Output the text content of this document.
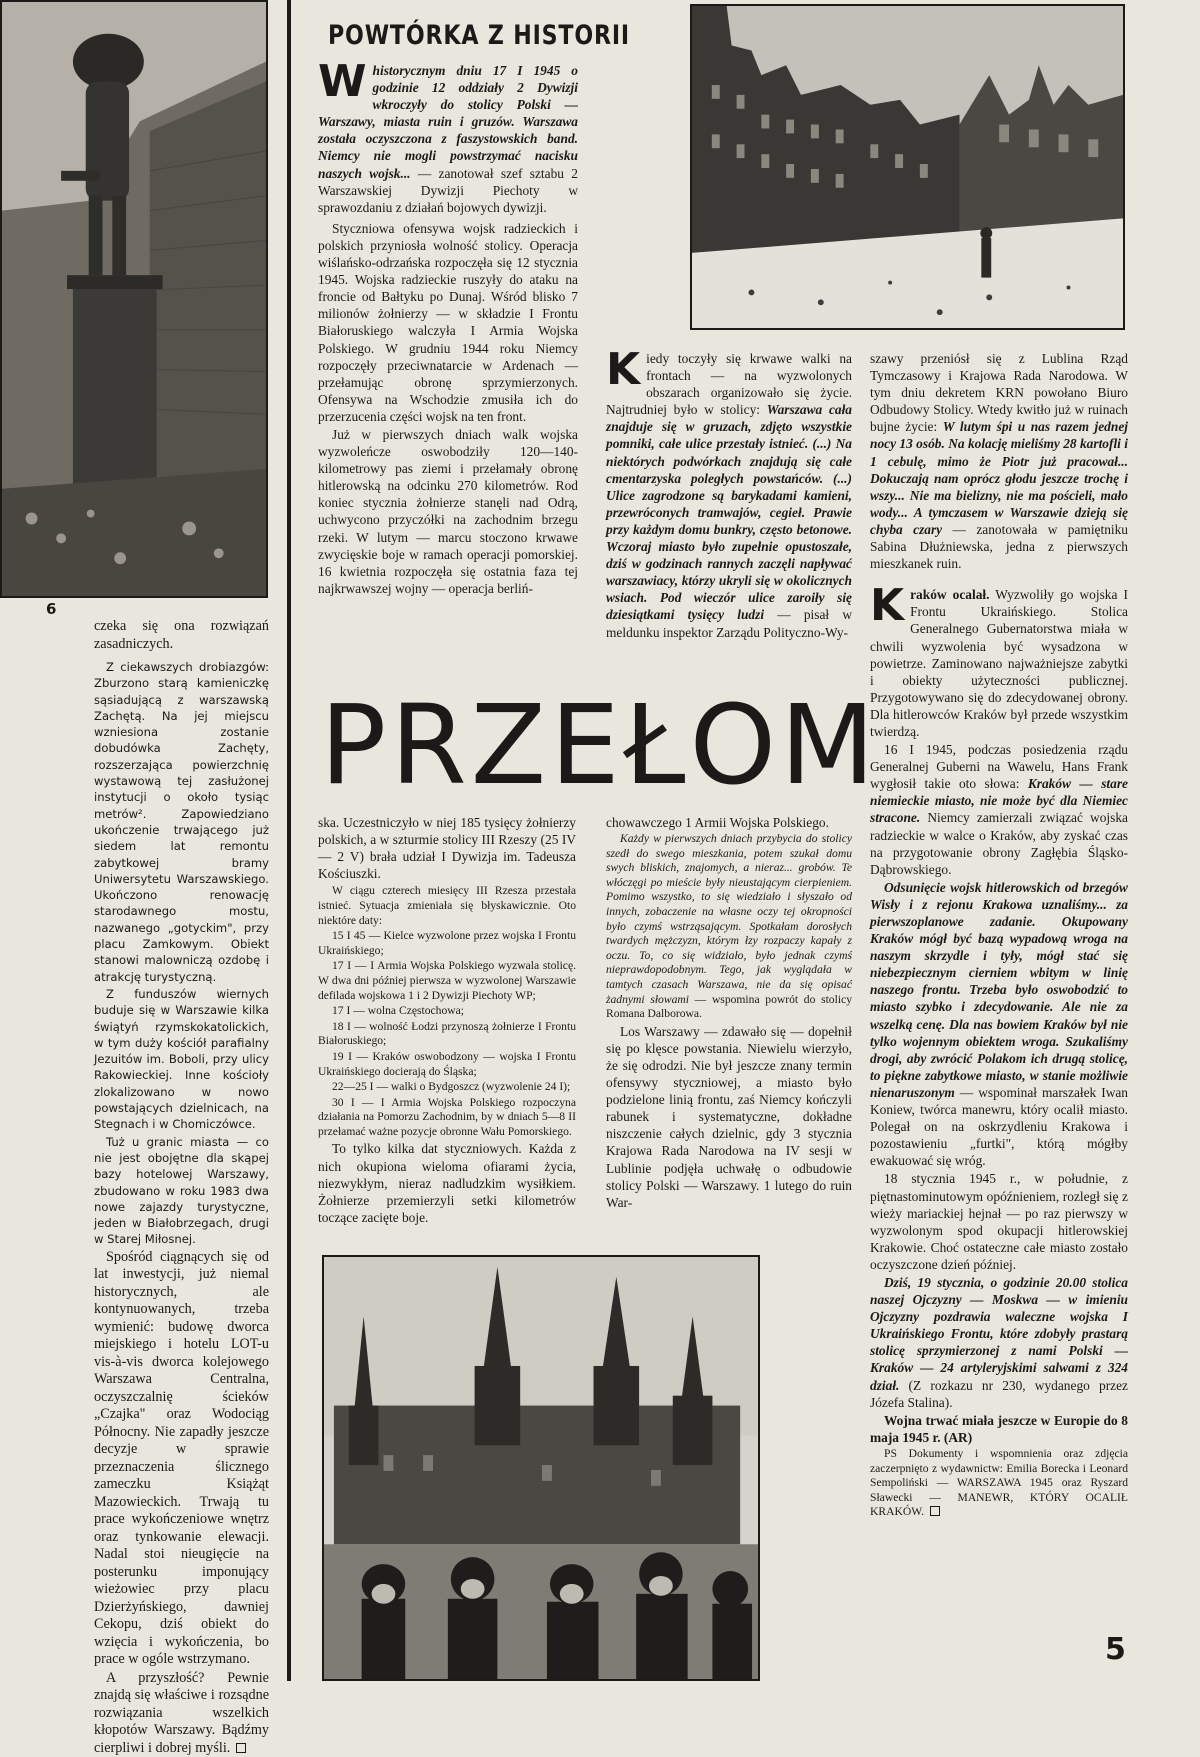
6

czeka się ona rozwiązań zasadniczych.

Z ciekawszych drobiazgów: Zburzono starą kamieniczkę sąsiadującą z warszawską Zachętą. Na jej miejscu wzniesiona zostanie dobudówka Zachęty, rozszerzająca powierzchnię wystawową tej zasłużonej instytucji o około tysiąc metrów². Zapowiedziano ukończenie trwającego już siedem lat remontu zabytkowej bramy Uniwersytetu Warszawskiego. Ukończono renowację starodawnego mostu, nazwanego „gotyckim", przy placu Zamkowym. Obiekt stanowi malowniczą ozdobę i atrakcję turystyczną.

Z funduszów wiernych buduje się w Warszawie kilka świątyń rzymskokatolickich, w tym duży kościół parafialny Jezuitów im. Boboli, przy ulicy Rakowieckiej. Inne kościoły zlokalizowano w nowo powstających dzielnicach, na Stegnach i w Chomiczówce.

Tuż u granic miasta — co nie jest obojętne dla skąpej bazy hotelowej Warszawy, zbudowano w roku 1983 dwa nowe zajazdy turystyczne, jeden w Białobrzegach, drugi w Starej Miłosnej.

Spośród ciągnących się od lat inwestycji, już niemal historycznych, ale kontynuowanych, trzeba wymienić: budowę dworca miejskiego i hotelu LOT-u vis-à-vis dworca kolejowego Warszawa Centralna, oczyszczalnię ścieków „Czajka" oraz Wodociąg Północny. Nie zapadły jeszcze decyzje w sprawie przeznaczenia ślicznego zameczku Książąt Mazowieckich. Trwają tu prace wykończeniowe wnętrz oraz tynkowanie elewacji. Nadal stoi nieugięcie na posterunku imponujący wieżowiec przy placu Dzierżyńskiego, dawniej Cekopu, dziś obiekt do wzięcia i wykończenia, bo prace w ogóle wstrzymano.

A przyszłość? Pewnie znajdą się właściwe i rozsądne rozwiązania wszelkich kłopotów Warszawy. Bądźmy cierpliwi i dobrej myśli.

POWTÓRKA Z HISTORII

Whistorycznym dniu 17 I 1945 o godzinie 12 oddziały 2 Dywizji wkroczyły do stolicy Polski — Warszawy, miasta ruin i gruzów. Warszawa została oczyszczona z faszystowskich band. Niemcy nie mogli powstrzymać nacisku naszych wojsk... — zanotował szef sztabu 2 Warszawskiej Dywizji Piechoty w sprawozdaniu z działań bojowych dywizji.

Styczniowa ofensywa wojsk radzieckich i polskich przyniosła wolność stolicy. Operacja wiślańsko-odrzańska rozpoczęła się 12 stycznia 1945. Wojska radzieckie ruszyły do ataku na froncie od Bałtyku po Dunaj. Wśród blisko 7 milionów żołnierzy — w składzie I Frontu Białoruskiego walczyła I Armia Wojska Polskiego. W grudniu 1944 roku Niemcy rozpoczęły przeciwnatarcie w Ardenach — przełamując obronę sprzymierzonych. Ofensywa na Wschodzie zmusiła ich do przerzucenia części wojsk na ten front.

Już w pierwszych dniach walk wojska wyzwoleńcze oswobodziły 120—140-kilometrowy pas ziemi i przełamały obronę hitlerowską na odcinku 270 kilometrów. Rod koniec stycznia żołnierze stanęli nad Odrą, uchwycono przyczółki na zachodnim brzegu rzeki. W lutym — marcu stoczono krwawe zwycięskie boje w ramach operacji pomorskiej. 16 kwietnia rozpoczęła się ostatnia faza tej najkrwawszej wojny — operacja berliń-

Kiedy toczyły się krwawe walki na frontach — na wyzwolonych obszarach organizowało się życie. Najtrudniej było w stolicy: Warszawa cała znajduje się w gruzach, zdjęto wszystkie pomniki, całe ulice przestały istnieć. (...) Na niektórych podwórkach znajdują się całe cmentarzyska poległych powstańców. (...) Ulice zagrodzone są barykadami kamieni, przewróconych tramwajów, cegieł. Prawie przy każdym domu bunkry, często betonowe. Wczoraj miasto było zupełnie opustoszałe, dziś w godzinach rannych zaczęli napływać warszawiacy, którzy ukryli się w okolicznych wsiach. Pod wieczór ulice zaroiły się dziesiątkami tysięcy ludzi — pisał w meldunku inspektor Zarządu Polityczno-Wy-

szawy przeniósł się z Lublina Rząd Tymczasowy i Krajowa Rada Narodowa. W tym dniu dekretem KRN powołano Biuro Odbudowy Stolicy. Wtedy kwitło już w ruinach bujne życie: W lutym śpi u nas razem jednej nocy 13 osób. Na kolację mieliśmy 28 kartofli i 1 cebulę, mimo że Piotr już pracował... Dokuczają nam oprócz głodu jeszcze trochę i wszy... Nie ma bielizny, nie ma pościeli, mało wody... A tymczasem w Warszawie dzieją się chyba czary — zanotowała w pamiętniku Sabina Dłużniewska, jedna z pierwszych mieszkanek ruin.

Kraków ocalał. Wyzwoliły go wojska I Frontu Ukraińskiego. Stolica Generalnego Gubernatorstwa miała w chwili wyzwolenia być wysadzona w powietrze. Zaminowano najważniejsze zabytki i obiekty użyteczności publicznej. Przygotowywano się do zdecydowanej obrony. Dla hitlerowców Kraków był przede wszystkim twierdzą.

16 I 1945, podczas posiedzenia rządu Generalnej Guberni na Wawelu, Hans Frank wygłosił takie oto słowa: Kraków — stare niemieckie miasto, nie może być dla Niemiec stracone. Niemcy zamierzali związać wojska radzieckie w walce o Kraków, aby zyskać czas na przygotowanie obrony Zagłębia Śląsko-Dąbrowskiego.

Odsunięcie wojsk hitlerowskich od brzegów Wisły i z rejonu Krakowa uznaliśmy... za pierwszoplanowe zadanie. Okupowany Kraków mógł być bazą wypadową wroga na naszym skrzydle i tyły, mógł stać się niebezpiecznym cierniem wbitym w linię naszego frontu. Trzeba było oswobodzić to miasto szybko i zdecydowanie. Ale nie za wszelką cenę. Dla nas bowiem Kraków był nie tylko wojennym obiektem wroga. Szukaliśmy drogi, aby zwrócić Polakom ich drugą stolicę, to piękne zabytkowe miasto, w stanie możliwie nienaruszonym — wspominał marszałek Iwan Koniew, twórca manewru, który ocalił miasto. Polegał on na oskrzydleniu Krakowa i pozostawieniu „furtki", którą mógłby ewakuować się wróg.

18 stycznia 1945 r., w południe, z piętnastominutowym opóźnieniem, rozległ się z wieży mariackiej hejnał — po raz pierwszy w wyzwolonym spod okupacji hitlerowskiej Krakowie. Choć ostateczne całe miasto zostało oczyszczone dzień później.

Dziś, 19 stycznia, o godzinie 20.00 stolica naszej Ojczyzny — Moskwa — w imieniu Ojczyzny pozdrawia waleczne wojska I Ukraińskiego Frontu, które zdobyły prastarą stolicę sprzymierzonej z nami Polski — Kraków — 24 artyleryjskimi salwami z 324 dział. (Z rozkazu nr 230, wydanego przez Józefa Stalina).

Wojna trwać miała jeszcze w Europie do 8 maja 1945 r. (AR)

PS Dokumenty i wspomnienia oraz zdjęcia zaczerpnięto z wydawnictw: Emilia Borecka i Leonard Sempoliński — WARSZAWA 1945 oraz Ryszard Sławecki — MANEWR, KTÓRY OCALIŁ KRAKÓW.

PRZEŁOM

ska. Uczestniczyło w niej 185 tysięcy żołnierzy polskich, a w szturmie stolicy III Rzeszy (25 IV— 2 V) brała udział I Dywizja im. Tadeusza Kościuszki.

W ciągu czterech miesięcy III Rzesza przestała istnieć. Sytuacja zmieniała się błyskawicznie. Oto niektóre daty:

15 I 45 — Kielce wyzwolone przez wojska I Frontu Ukraińskiego;

17 I — I Armia Wojska Polskiego wyzwala stolicę. W dwa dni później pierwsza w wyzwolonej Warszawie defilada wojskowa 1 i 2 Dywizji Piechoty WP;

17 I — wolna Częstochowa;

18 I — wolność Łodzi przynoszą żołnierze I Frontu Białoruskiego;

19 I — Kraków oswobodzony — wojska I Frontu Ukraińskiego docierają do Śląska;

22—25 I — walki o Bydgoszcz (wyzwolenie 24 I);

30 I — I Armia Wojska Polskiego rozpoczyna działania na Pomorzu Zachodnim, by w dniach 5—8 II przełamać ważne pozycje obronne Wału Pomorskiego.

To tylko kilka dat styczniowych. Każda z nich okupiona wieloma ofiarami życia, niezwykłym, nieraz nadludzkim wysiłkiem. Żołnierze przemierzyli setki kilometrów toczące zacięte boje.

chowawczego 1 Armii Wojska Polskiego.

Każdy w pierwszych dniach przybycia do stolicy szedł do swego mieszkania, potem szukał domu swych bliskich, znajomych, a nieraz... grobów. Te włóczęgi po mieście były nieustającym cierpieniem. Pomimo wszystko, to się wiedziało i słyszało od innych, zobaczenie na własne oczy tej okropności było czymś wstrząsającym. Spotkałam dorosłych twardych mężczyzn, którym łzy rozpaczy kapały z oczu. To, co się widziało, było jednak czymś nieprawdopodobnym. Tego, jak wyglądała w tamtych czasach Warszawa, nie da się opisać żadnymi słowami — wspomina powrót do stolicy Romana Dalborowa.

Los Warszawy — zdawało się — dopełnił się po klęsce powstania. Niewielu wierzyło, że się odrodzi. Nie był jeszcze znany termin ofensywy styczniowej, a miasto było podzielone linią frontu, zaś Niemcy kończyli rabunek i systematyczne, dokładne niszczenie całych dzielnic, gdy 3 stycznia Krajowa Rada Narodowa na IV sesji w Lublinie podjęła uchwałę o odbudowie stolicy Polski — Warszawy. 1 lutego do ruin War-

5
